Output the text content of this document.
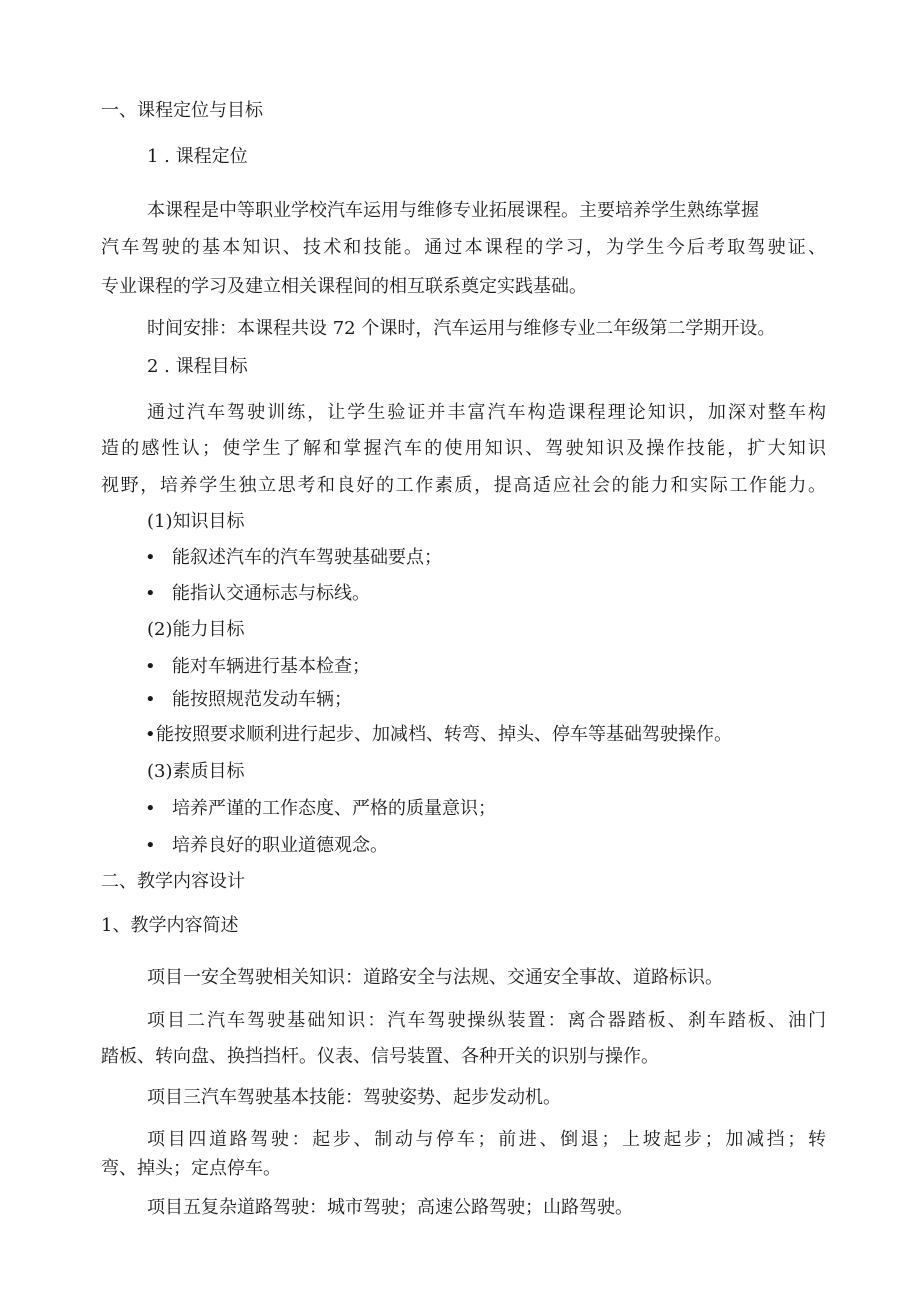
一、课程定位与目标
1 . 课程定位
本课程是中等职业学校汽车运用与维修专业拓展课程。主要培养学生熟练掌握
汽车驾驶的基本知识、技术和技能。通过本课程的学习，为学生今后考取驾驶证、
专业课程的学习及建立相关课程间的相互联系奠定实践基础。
时间安排：本课程共设 72 个课时，汽车运用与维修专业二年级第二学期开设。
2 . 课程目标
通过汽车驾驶训练，让学生验证并丰富汽车构造课程理论知识，加深对整车构
造的感性认；使学生了解和掌握汽车的使用知识、驾驶知识及操作技能，扩大知识
视野，培养学生独立思考和良好的工作素质，提高适应社会的能力和实际工作能力。
(1)知识目标
• 能叙述汽车的汽车驾驶基础要点；
• 能指认交通标志与标线。
(2)能力目标
• 能对车辆进行基本检查；
• 能按照规范发动车辆；
•能按照要求顺利进行起步、加减档、转弯、掉头、停车等基础驾驶操作。
(3)素质目标
• 培养严谨的工作态度、严格的质量意识；
• 培养良好的职业道德观念。
二、教学内容设计
1、教学内容简述
项目一安全驾驶相关知识：道路安全与法规、交通安全事故、道路标识。
项目二汽车驾驶基础知识：汽车驾驶操纵装置：离合器踏板、刹车踏板、油门
踏板、转向盘、换挡挡杆。仪表、信号装置、各种开关的识别与操作。
项目三汽车驾驶基本技能：驾驶姿势、起步发动机。
项目四道路驾驶：起步、制动与停车；前进、倒退；上坡起步；加减挡；转
弯、掉头；定点停车。
项目五复杂道路驾驶：城市驾驶；高速公路驾驶；山路驾驶。
